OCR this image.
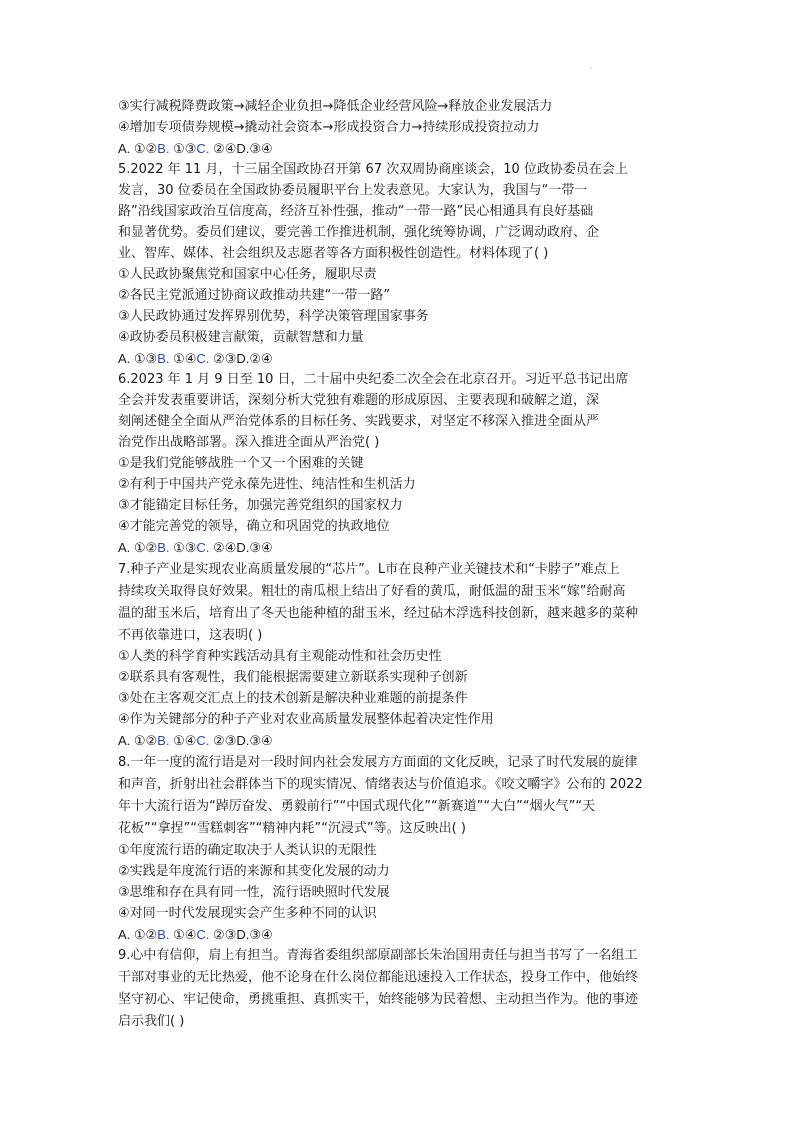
·
③实行减税降费政策→减轻企业负担→降低企业经营风险→释放企业发展活力
④增加专项债券规模→撬动社会资本→形成投资合力→持续形成投资拉动力
A. ①②B. ①③C. ②④D.③④
5.2022 年 11 月，十三届全国政协召开第 67 次双周协商座谈会，10 位政协委员在会上
发言，30 位委员在全国政协委员履职平台上发表意见。大家认为，我国与“一带一
路”沿线国家政治互信度高，经济互补性强，推动“一带一路”民心相通具有良好基础
和显著优势。委员们建议，要完善工作推进机制，强化统筹协调，广泛调动政府、企
业、智库、媒体、社会组织及志愿者等各方面积极性创造性。材料体现了( )
①人民政协聚焦党和国家中心任务，履职尽责
②各民主党派通过协商议政推动共建“一带一路”
③人民政协通过发挥界别优势，科学决策管理国家事务
④政协委员积极建言献策，贡献智慧和力量
A. ①③B. ①④C. ②③D.②④
6.2023 年 1 月 9 日至 10 日，二十届中央纪委二次全会在北京召开。习近平总书记出席
全会并发表重要讲话，深刻分析大党独有难题的形成原因、主要表现和破解之道，深
刻阐述健全全面从严治党体系的目标任务、实践要求，对坚定不移深入推进全面从严
治党作出战略部署。深入推进全面从严治党( )
①是我们党能够战胜一个又一个困难的关键
②有利于中国共产党永葆先进性、纯洁性和生机活力
③才能锚定目标任务，加强完善党组织的国家权力
④才能完善党的领导，确立和巩固党的执政地位
A. ①②B. ①③C. ②④D.③④
7.种子产业是实现农业高质量发展的“芯片”。L市在良种产业关键技术和“卡脖子”难点上
持续攻关取得良好效果。粗壮的南瓜根上结出了好看的黄瓜，耐低温的甜玉米“嫁”给耐高
温的甜玉米后，培育出了冬天也能种植的甜玉米，经过砧木浮选科技创新，越来越多的菜种
不再依靠进口，这表明( )
①人类的科学育种实践活动具有主观能动性和社会历史性
②联系具有客观性，我们能根据需要建立新联系实现种子创新
③处在主客观交汇点上的技术创新是解决种业难题的前提条件
④作为关键部分的种子产业对农业高质量发展整体起着决定性作用
A. ①②B. ①④C. ②③D.③④
8.一年一度的流行语是对一段时间内社会发展方方面面的文化反映，记录了时代发展的旋律
和声音，折射出社会群体当下的现实情况、情绪表达与价值追求。《咬文嚼字》公布的 2022
年十大流行语为“踔厉奋发、勇毅前行”“中国式现代化”“新赛道”“大白”“烟火气”“天
花板”“拿捏”“雪糕刺客”“精神内耗”“沉浸式”等。这反映出( )
①年度流行语的确定取决于人类认识的无限性
②实践是年度流行语的来源和其变化发展的动力
③思维和存在具有同一性，流行语映照时代发展
④对同一时代发展现实会产生多种不同的认识
A. ①②B. ①④C. ②③D.③④
9.心中有信仰，肩上有担当。青海省委组织部原副部长朱治国用责任与担当书写了一名组工
干部对事业的无比热爱，他不论身在什么岗位都能迅速投入工作状态，投身工作中，他始终
坚守初心、牢记使命，勇挑重担、真抓实干，始终能够为民着想、主动担当作为。他的事迹
启示我们( )
